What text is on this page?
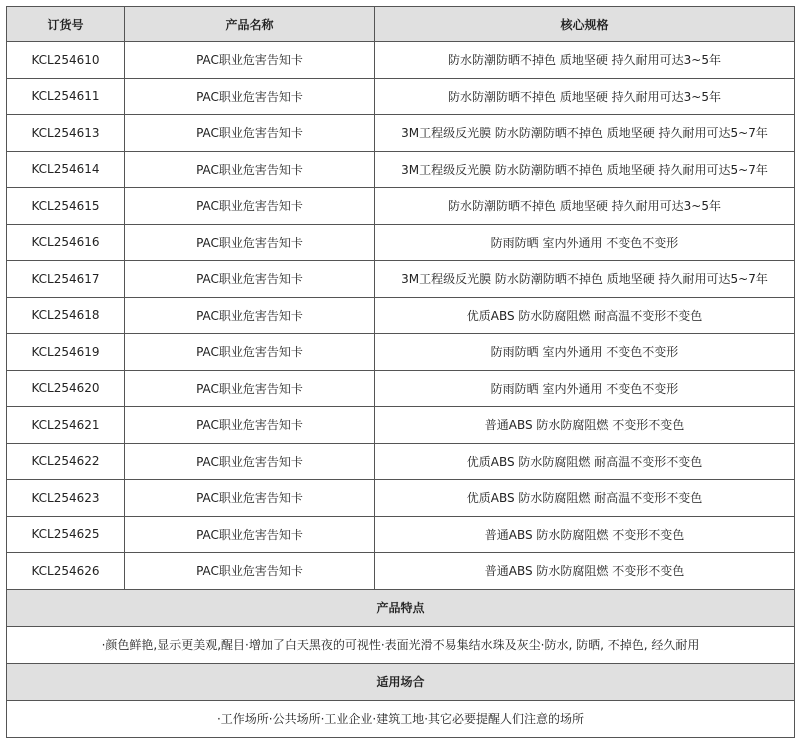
订货号	产品名称	核心规格
KCL254610	PAC职业危害告知卡	防水防潮防晒不掉色 质地坚硬 持久耐用可达3~5年
KCL254611	PAC职业危害告知卡	防水防潮防晒不掉色 质地坚硬 持久耐用可达3~5年
KCL254613	PAC职业危害告知卡	3M工程级反光膜 防水防潮防晒不掉色 质地坚硬 持久耐用可达5~7年
KCL254614	PAC职业危害告知卡	3M工程级反光膜 防水防潮防晒不掉色 质地坚硬 持久耐用可达5~7年
KCL254615	PAC职业危害告知卡	防水防潮防晒不掉色 质地坚硬 持久耐用可达3~5年
KCL254616	PAC职业危害告知卡	防雨防晒 室内外通用 不变色不变形
KCL254617	PAC职业危害告知卡	3M工程级反光膜 防水防潮防晒不掉色 质地坚硬 持久耐用可达5~7年
KCL254618	PAC职业危害告知卡	优质ABS 防水防腐阻燃 耐高温不变形不变色
KCL254619	PAC职业危害告知卡	防雨防晒 室内外通用 不变色不变形
KCL254620	PAC职业危害告知卡	防雨防晒 室内外通用 不变色不变形
KCL254621	PAC职业危害告知卡	普通ABS 防水防腐阻燃 不变形不变色
KCL254622	PAC职业危害告知卡	优质ABS 防水防腐阻燃 耐高温不变形不变色
KCL254623	PAC职业危害告知卡	优质ABS 防水防腐阻燃 耐高温不变形不变色
KCL254625	PAC职业危害告知卡	普通ABS 防水防腐阻燃 不变形不变色
KCL254626	PAC职业危害告知卡	普通ABS 防水防腐阻燃 不变形不变色
产品特点		
·颜色鲜艳,显示更美观,醒目·增加了白天黑夜的可视性·表面光滑不易集结水珠及灰尘·防水, 防晒, 不掉色, 经久耐用		
适用场合		
·工作场所·公共场所·工业企业·建筑工地·其它必要提醒人们注意的场所		
